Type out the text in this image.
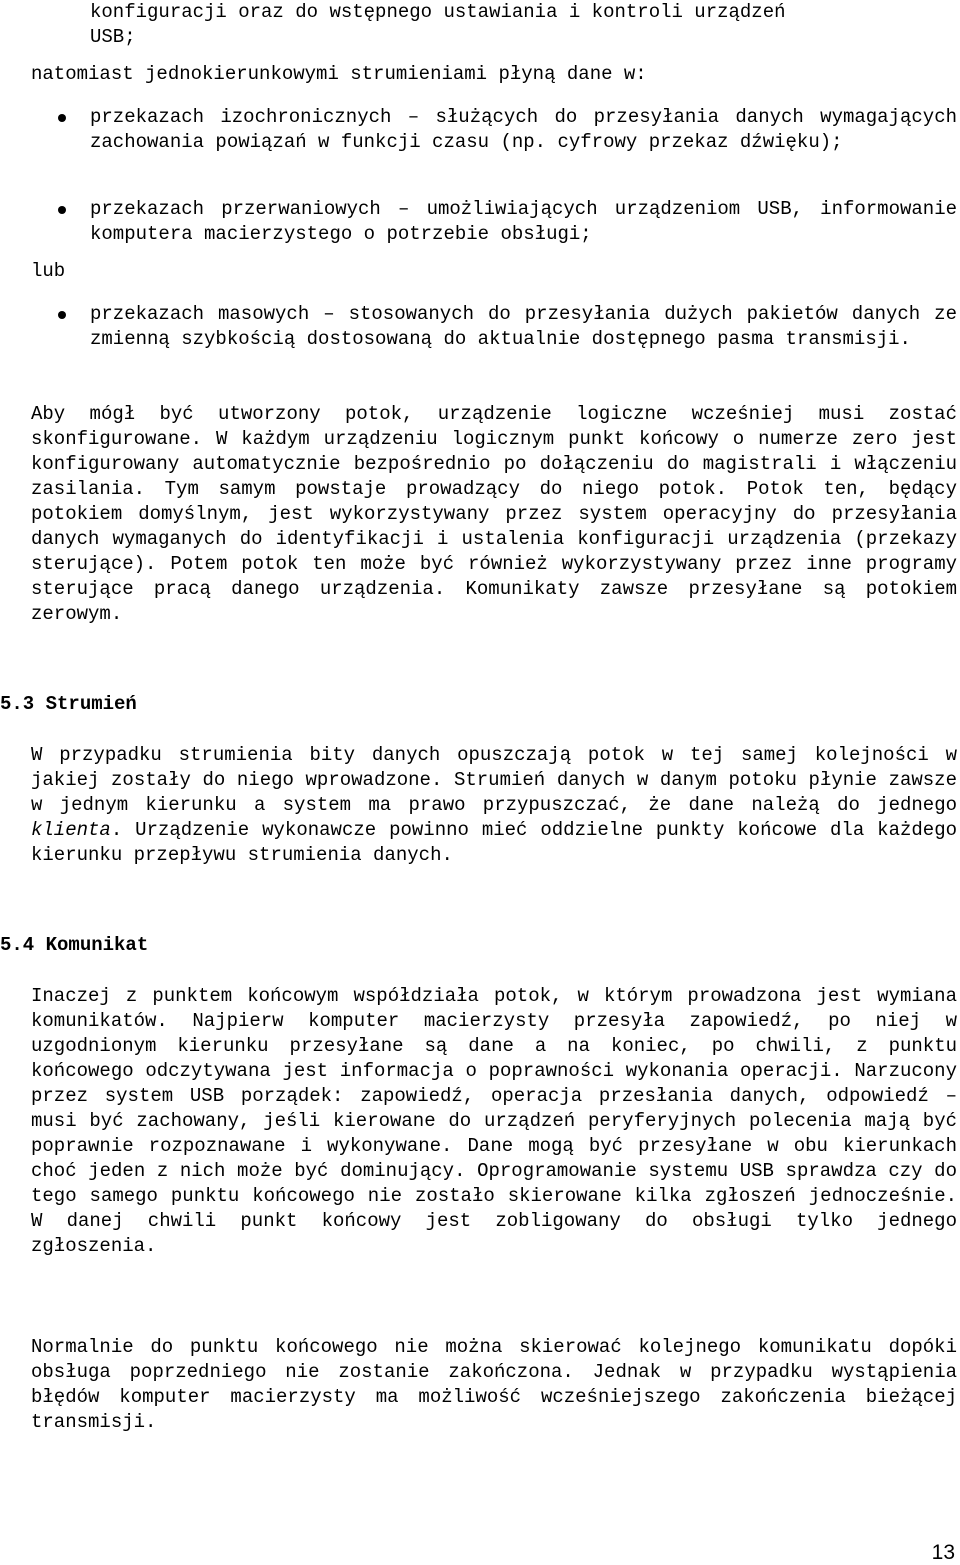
konfiguracji oraz do wstępnego ustawiania i kontroli urządzeń
USB;

natomiast jednokierunkowymi strumieniami płyną dane w:

przekazach izochronicznych – służących do przesyłania danych wymagających zachowania powiązań w funkcji czasu (np. cyfrowy przekaz dźwięku);

przekazach przerwaniowych – umożliwiających urządzeniom USB, informowanie komputera macierzystego o potrzebie obsługi;

lub

przekazach masowych – stosowanych do przesyłania dużych pakietów danych ze zmienną szybkością dostosowaną do aktualnie dostępnego pasma transmisji.

Aby mógł być utworzony potok, urządzenie logiczne wcześniej musi zostać skonfigurowane. W każdym urządzeniu logicznym punkt końcowy o numerze zero jest konfigurowany automatycznie bezpośrednio po dołączeniu do magistrali i włączeniu zasilania. Tym samym powstaje prowadzący do niego potok. Potok ten, będący potokiem domyślnym, jest wykorzystywany przez system operacyjny do przesyłania danych wymaganych do identyfikacji i ustalenia konfiguracji urządzenia (przekazy sterujące). Potem potok ten może być również wykorzystywany przez inne programy sterujące pracą danego urządzenia. Komunikaty zawsze przesyłane są potokiem zerowym.

5.3 Strumień

W przypadku strumienia bity danych opuszczają potok w tej samej kolejności w jakiej zostały do niego wprowadzone. Strumień danych w danym potoku płynie zawsze w jednym kierunku a system ma prawo przypuszczać, że dane należą do jednego klienta. Urządzenie wykonawcze powinno mieć oddzielne punkty końcowe dla każdego kierunku przepływu strumienia danych.

5.4 Komunikat

Inaczej z punktem końcowym współdziała potok, w którym prowadzona jest wymiana komunikatów. Najpierw komputer macierzysty przesyła zapowiedź, po niej w uzgodnionym kierunku przesyłane są dane a na koniec, po chwili, z punktu końcowego odczytywana jest informacja o poprawności wykonania operacji. Narzucony przez system USB porządek: zapowiedź, operacja przesłania danych, odpowiedź – musi być zachowany, jeśli kierowane do urządzeń peryferyjnych polecenia mają być poprawnie rozpoznawane i wykonywane. Dane mogą być przesyłane w obu kierunkach choć jeden z nich może być dominujący. Oprogramowanie systemu USB sprawdza czy do tego samego punktu końcowego nie zostało skierowane kilka zgłoszeń jednocześnie. W danej chwili punkt końcowy jest zobligowany do obsługi tylko jednego zgłoszenia.

Normalnie do punktu końcowego nie można skierować kolejnego komunikatu dopóki obsługa poprzedniego nie zostanie zakończona. Jednak w przypadku wystąpienia błędów komputer macierzysty ma możliwość wcześniejszego zakończenia bieżącej transmisji.

13
